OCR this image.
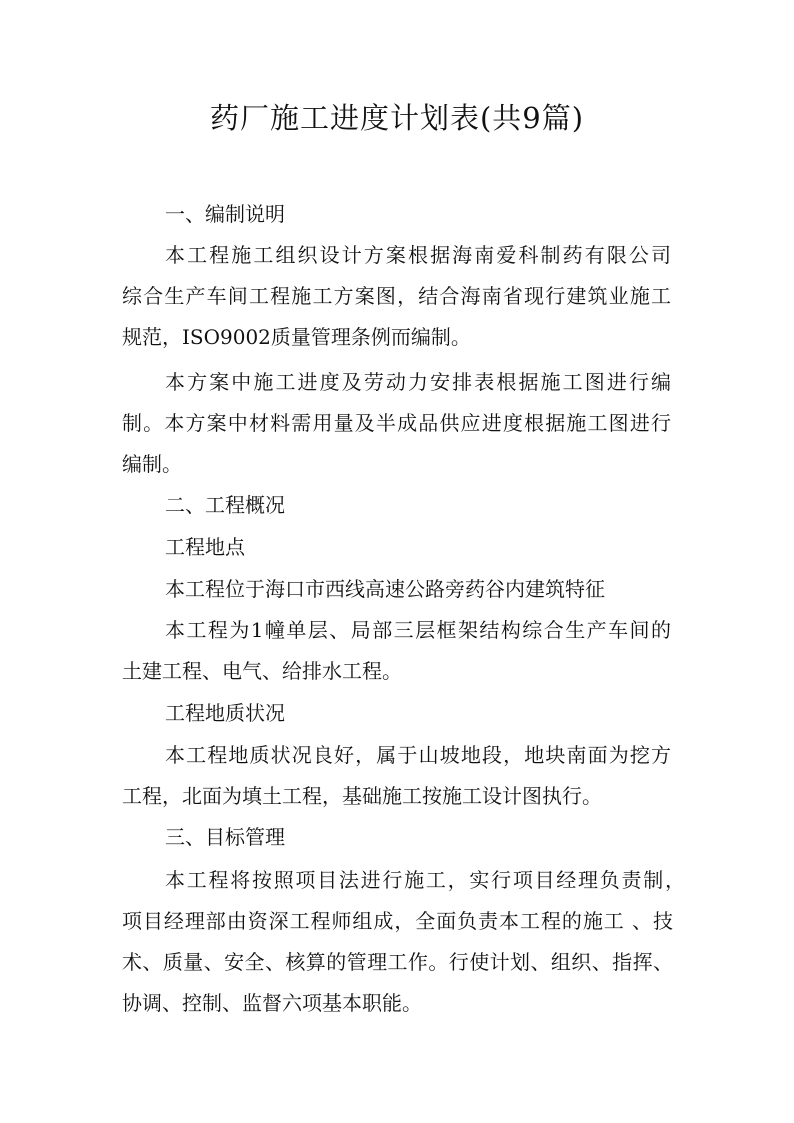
药厂施工进度计划表(共9篇)

一、编制说明

本工程施工组织设计方案根据海南爱科制药有限公司

综合生产车间工程施工方案图，结合海南省现行建筑业施工

规范，ISO9002质量管理条例而编制。

本方案中施工进度及劳动力安排表根据施工图进行编

制。本方案中材料需用量及半成品供应进度根据施工图进行

编制。

二、工程概况

工程地点

本工程位于海口市西线高速公路旁药谷内建筑特征

本工程为1幢单层、局部三层框架结构综合生产车间的

土建工程、电气、给排水工程。

工程地质状况

本工程地质状况良好，属于山坡地段，地块南面为挖方

工程，北面为填土工程，基础施工按施工设计图执行。

三、目标管理

本工程将按照项目法进行施工，实行项目经理负责制，

项目经理部由资深工程师组成，全面负责本工程的施工 、技

术、质量、安全、核算的管理工作。行使计划、组织、指挥、

协调、控制、监督六项基本职能。
